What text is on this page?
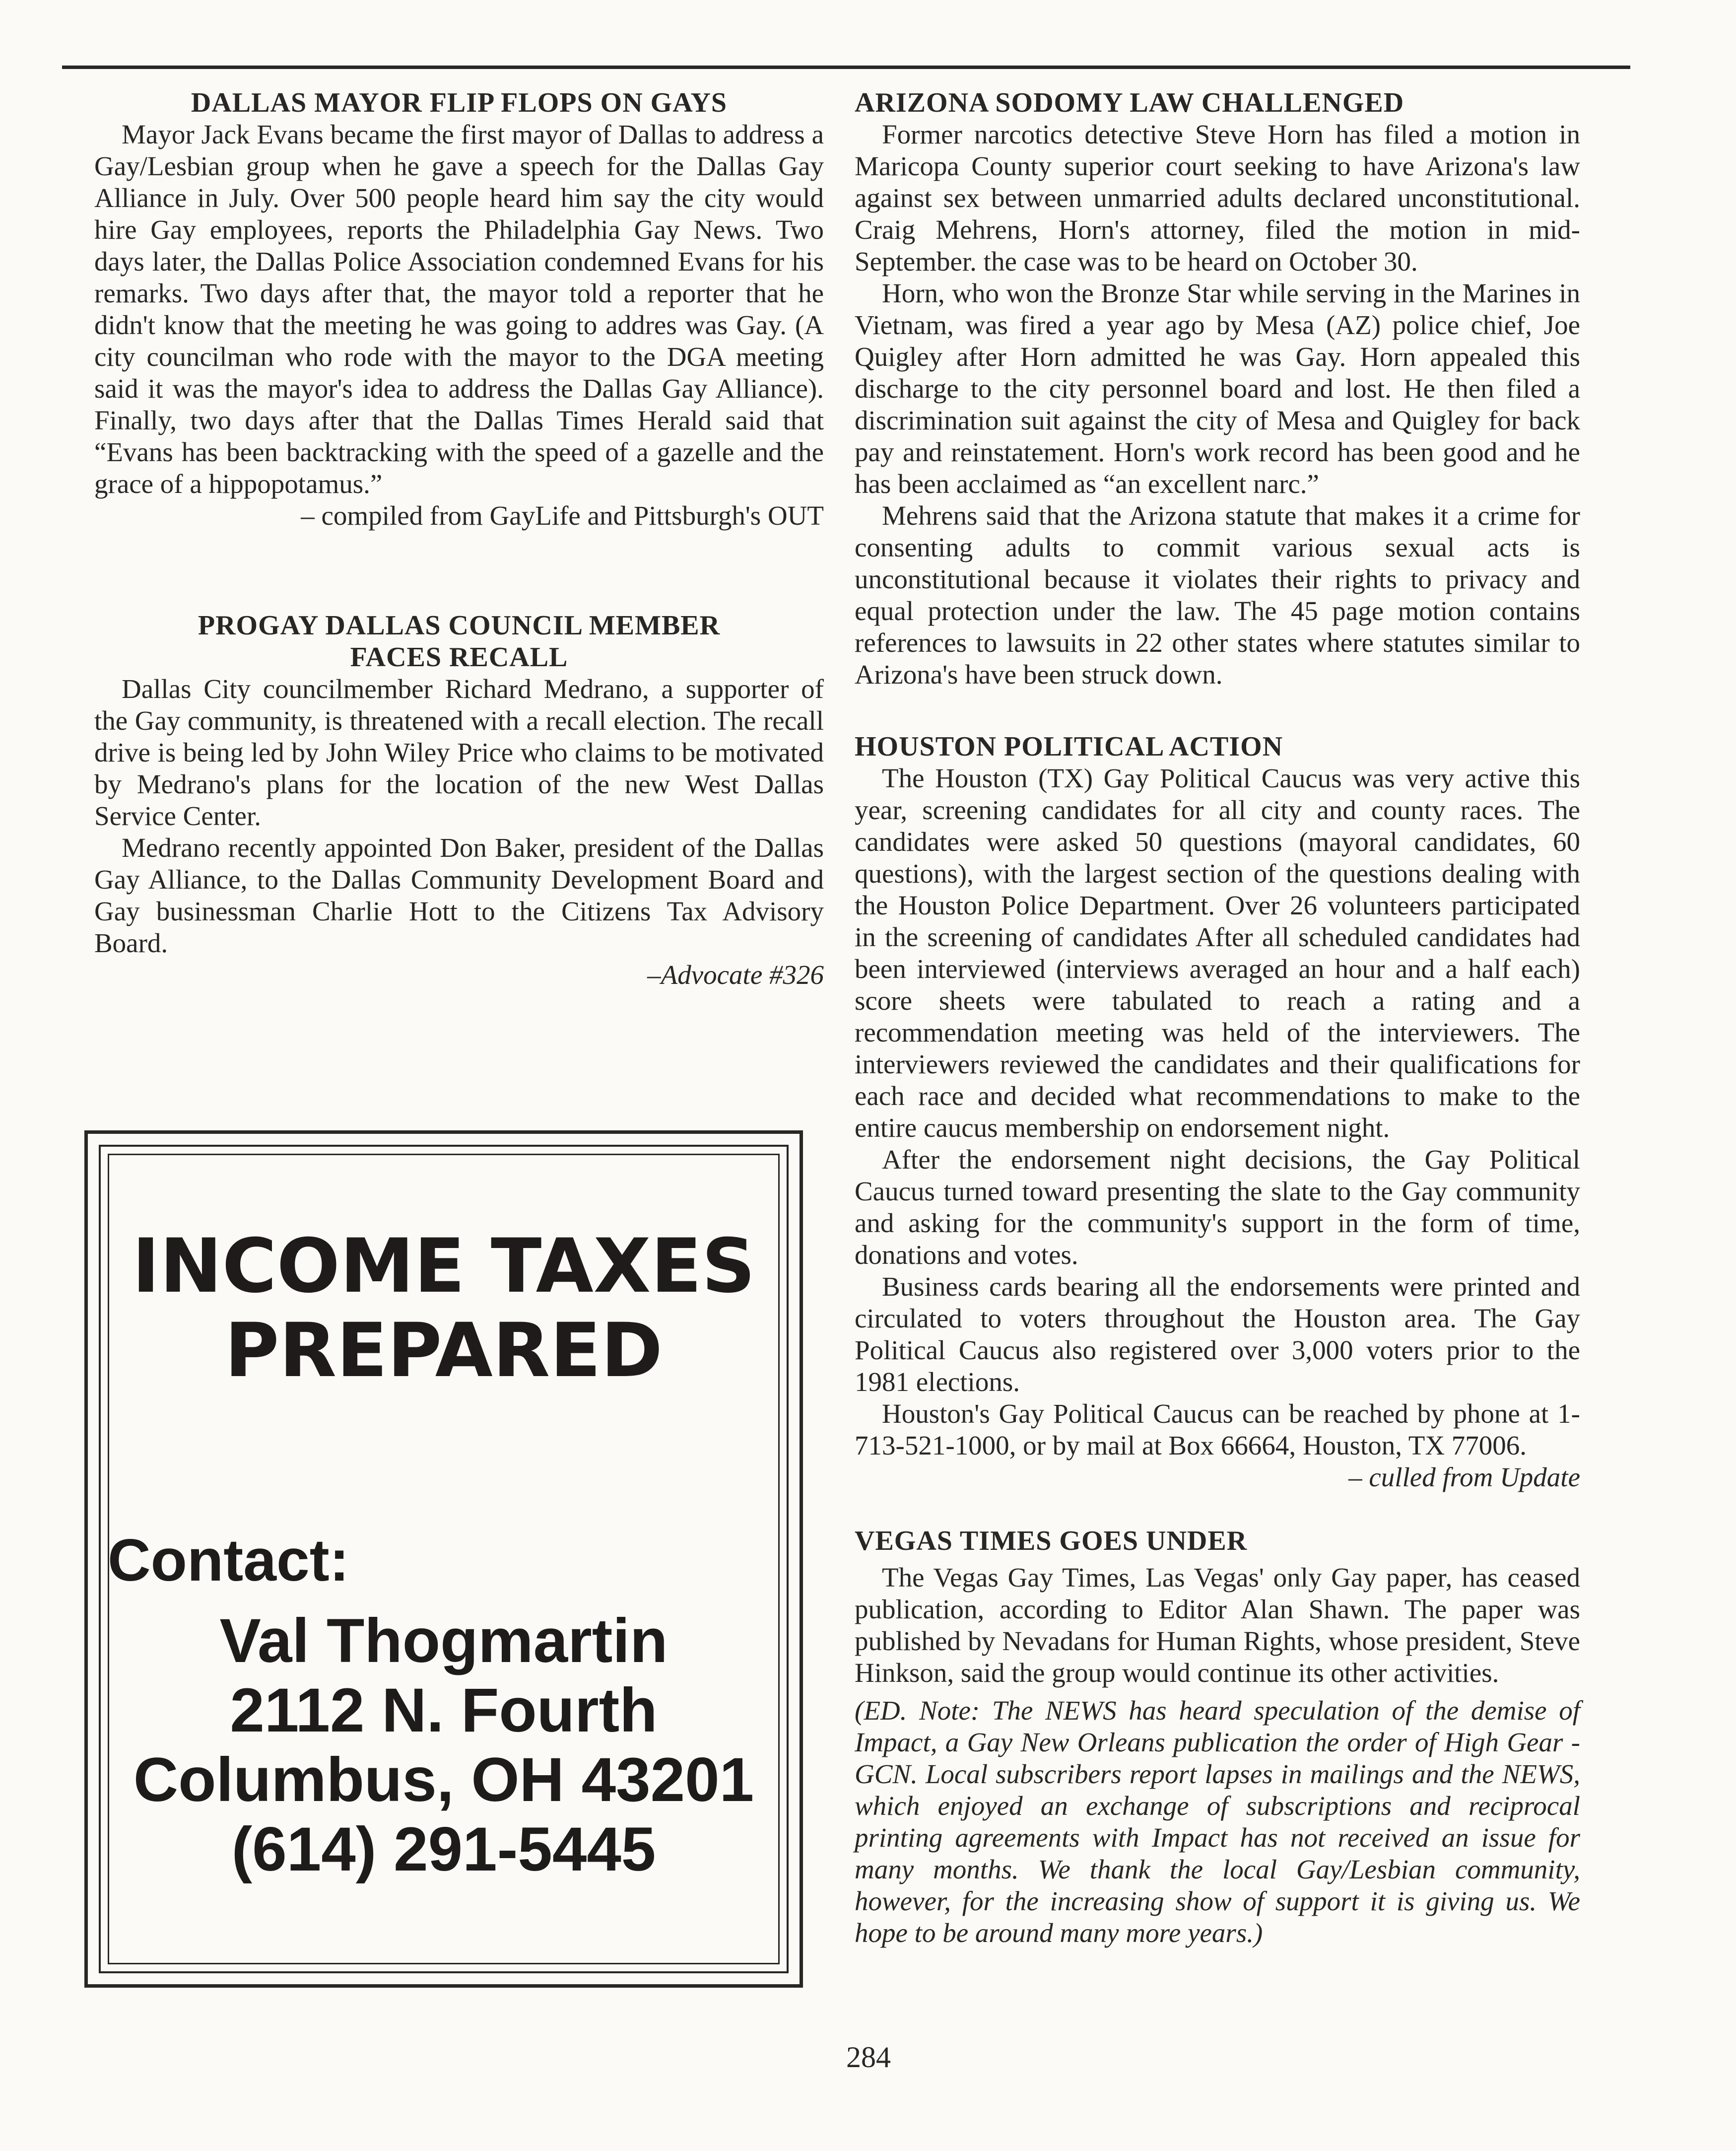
DALLAS MAYOR FLIP FLOPS ON GAYS

Mayor Jack Evans became the first mayor of Dallas to address a Gay/Lesbian group when he gave a speech for the Dallas Gay Alliance in July. Over 500 people heard him say the city would hire Gay employees, reports the Philadelphia Gay News. Two days later, the Dallas Police Association condemned Evans for his remarks. Two days after that, the mayor told a reporter that he didn't know that the meeting he was going to addres was Gay. (A city councilman who rode with the mayor to the DGA meeting said it was the mayor's idea to address the Dallas Gay Alliance). Finally, two days after that the Dallas Times Herald said that “Evans has been backtracking with the speed of a gazelle and the grace of a hippopotamus.”

– compiled from GayLife and Pittsburgh's OUT

PROGAY DALLAS COUNCIL MEMBER
FACES RECALL

Dallas City councilmember Richard Medrano, a supporter of the Gay community, is threatened with a recall election. The recall drive is being led by John Wiley Price who claims to be motivated by Medrano's plans for the location of the new West Dallas Service Center.

Medrano recently appointed Don Baker, president of the Dallas Gay Alliance, to the Dallas Community Development Board and Gay businessman Charlie Hott to the Citizens Tax Advisory Board.

–Advocate #326

INCOME TAXES
PREPARED
Contact:
Val Thogmartin
2112 N. Fourth
Columbus, OH 43201
(614) 291-5445
ARIZONA SODOMY LAW CHALLENGED

Former narcotics detective Steve Horn has filed a motion in Maricopa County superior court seeking to have Arizona's law against sex between unmarried adults declared unconstitutional. Craig Mehrens, Horn's attorney, filed the motion in mid-September. the case was to be heard on October 30.

Horn, who won the Bronze Star while serving in the Marines in Vietnam, was fired a year ago by Mesa (AZ) police chief, Joe Quigley after Horn admitted he was Gay. Horn appealed this discharge to the city personnel board and lost. He then filed a discrimination suit against the city of Mesa and Quigley for back pay and reinstatement. Horn's work record has been good and he has been acclaimed as “an excellent narc.”

Mehrens said that the Arizona statute that makes it a crime for consenting adults to commit various sexual acts is unconstitutional because it violates their rights to privacy and equal protection under the law. The 45 page motion contains references to lawsuits in 22 other states where statutes similar to Arizona's have been struck down.

HOUSTON POLITICAL ACTION

The Houston (TX) Gay Political Caucus was very active this year, screening candidates for all city and county races. The candidates were asked 50 questions (mayoral candidates, 60 questions), with the largest section of the questions dealing with the Houston Police Department. Over 26 volunteers participated in the screening of candidates After all scheduled candidates had been interviewed (interviews averaged an hour and a half each) score sheets were tabulated to reach a rating and a recommendation meeting was held of the interviewers. The interviewers reviewed the candidates and their qualifications for each race and decided what recommendations to make to the entire caucus membership on endorsement night.

After the endorsement night decisions, the Gay Political Caucus turned toward presenting the slate to the Gay community and asking for the community's support in the form of time, donations and votes.

Business cards bearing all the endorsements were printed and circulated to voters throughout the Houston area. The Gay Political Caucus also registered over 3,000 voters prior to the 1981 elections.

Houston's Gay Political Caucus can be reached by phone at 1-713-521-1000, or by mail at Box 66664, Houston, TX 77006.

– culled from Update

VEGAS TIMES GOES UNDER

The Vegas Gay Times, Las Vegas' only Gay paper, has ceased publication, according to Editor Alan Shawn. The paper was published by Nevadans for Human Rights, whose president, Steve Hinkson, said the group would continue its other activities.

(ED. Note: The NEWS has heard speculation of the demise of Impact, a Gay New Orleans publication the order of High Gear - GCN. Local subscribers report lapses in mailings and the NEWS, which enjoyed an exchange of subscriptions and reciprocal printing agreements with Impact has not received an issue for many months. We thank the local Gay/Lesbian community, however, for the increasing show of support it is giving us. We hope to be around many more years.)

284
